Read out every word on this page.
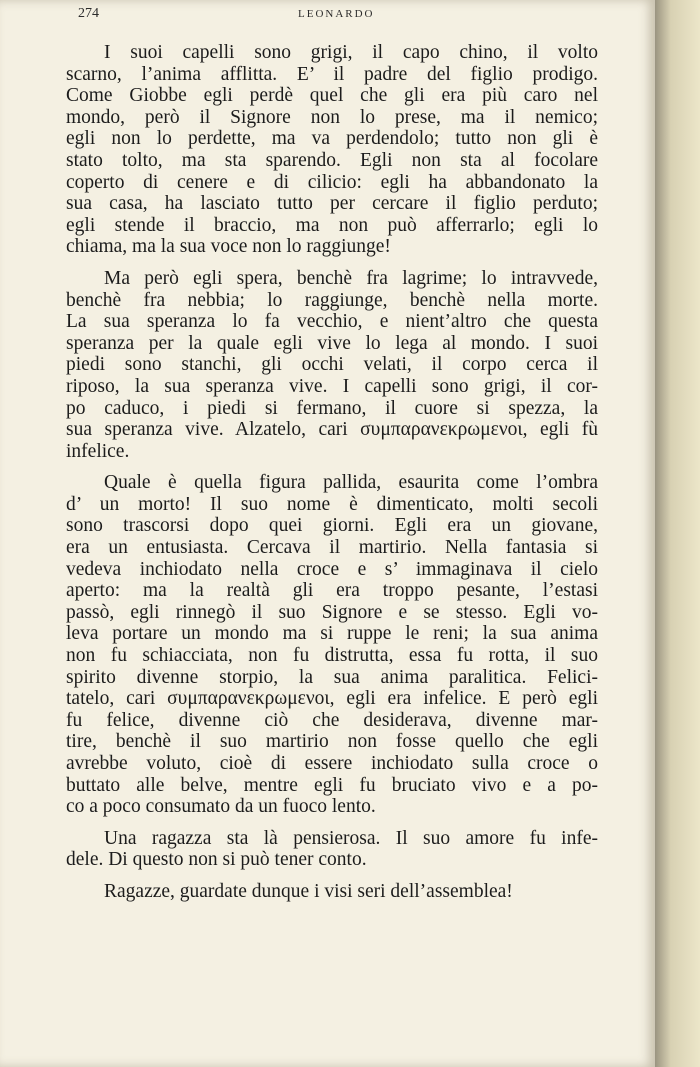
274	LEONARDO
I suoi capelli sono grigi, il capo chino, il volto
scarno, l’anima afflitta. E’ il padre del figlio prodigo.
Come Giobbe egli perdè quel che gli era più caro nel
mondo, però il Signore non lo prese, ma il nemico;
egli non lo perdette, ma va perdendolo; tutto non gli è
stato tolto, ma sta sparendo. Egli non sta al focolare
coperto di cenere e di cilicio: egli ha abbandonato la
sua casa, ha lasciato tutto per cercare il figlio perduto;
egli stende il braccio, ma non può afferrarlo; egli lo
chiama, ma la sua voce non lo raggiunge!
Ma però egli spera, benchè fra lagrime; lo intravvede,
benchè fra nebbia; lo raggiunge, benchè nella morte.
La sua speranza lo fa vecchio, e nient’altro che questa
speranza per la quale egli vive lo lega al mondo. I suoi
piedi sono stanchi, gli occhi velati, il corpo cerca il
riposo, la sua speranza vive. I capelli sono grigi, il cor-
po caduco, i piedi si fermano, il cuore si spezza, la
sua speranza vive. Alzatelo, cari συμπαρανεκρωμενοι, egli fù
infelice.
Quale è quella figura pallida, esaurita come l’ombra
d’ un morto! Il suo nome è dimenticato, molti secoli
sono trascorsi dopo quei giorni. Egli era un giovane,
era un entusiasta. Cercava il martirio. Nella fantasia si
vedeva inchiodato nella croce e s’ immaginava il cielo
aperto: ma la realtà gli era troppo pesante, l’estasi
passò, egli rinnegò il suo Signore e se stesso. Egli vo-
leva portare un mondo ma si ruppe le reni; la sua anima
non fu schiacciata, non fu distrutta, essa fu rotta, il suo
spirito divenne storpio, la sua anima paralitica. Felici-
tatelo, cari συμπαρανεκρωμενοι, egli era infelice. E però egli
fu felice, divenne ciò che desiderava, divenne mar-
tire, benchè il suo martirio non fosse quello che egli
avrebbe voluto, cioè di essere inchiodato sulla croce o
buttato alle belve, mentre egli fu bruciato vivo e a po-
co a poco consumato da un fuoco lento.
Una ragazza sta là pensierosa. Il suo amore fu infe-
dele. Di questo non si può tener conto.
Ragazze, guardate dunque i visi seri dell’assemblea!
